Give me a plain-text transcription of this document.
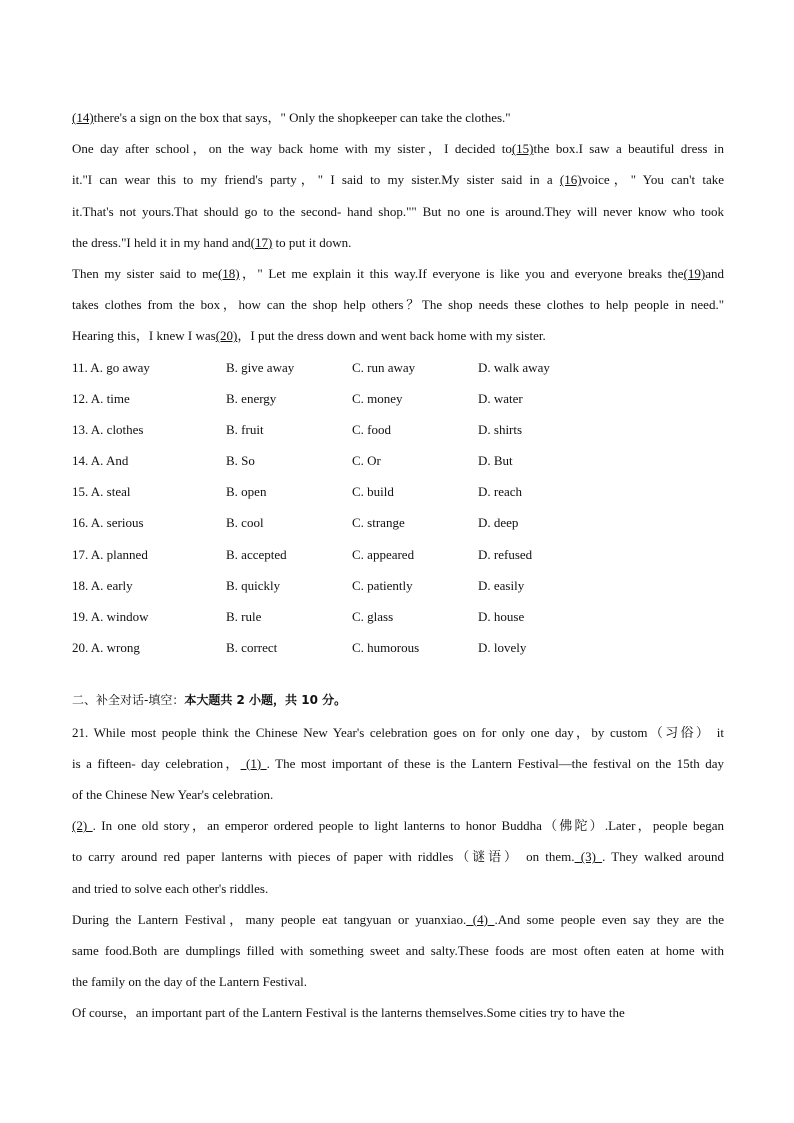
(14)there's a sign on the box that says，" Only the shopkeeper can take the clothes."
One day after school，on the way back home with my sister，I decided to(15)the box.I saw a beautiful dress in
it."I can wear this to my friend's party，" I said to my sister.My sister said in a (16)voice，" You can't take
it.That's not yours.That should go to the second- hand shop."" But no one is around.They will never know who took
the dress."I held it in my hand and(17) to put it down.
Then my sister said to me(18)，" Let me explain it this way.If everyone is like you and everyone breaks the(19)and
takes clothes from the box，how can the shop help others？The shop needs these clothes to help people in need."
Hearing this，I knew I was(20)，I put the dress down and went back home with my sister.
11. A. go away	B. give away	C. run away	D. walk away
12. A. time	B. energy	C. money	D. water
13. A. clothes	B. fruit	C. food	D. shirts
14. A. And	B. So	C. Or	D. But
15. A. steal	B. open	C. build	D. reach
16. A. serious	B. cool	C. strange	D. deep
17. A. planned	B. accepted	C. appeared	D. refused
18. A. early	B. quickly	C. patiently	D. easily
19. A. window	B. rule	C. glass	D. house
20. A. wrong	B. correct	C. humorous	D. lovely
二、补全对话-填空：本大题共 2 小题，共 10 分。
21. While most people think the Chinese New Year's celebration goes on for only one day，by custom（习俗） it
is a fifteen- day celebration， (1) . The most important of these is the Lantern Festival—the festival on the 15th day
of the Chinese New Year's celebration.
(2) . In one old story，an emperor ordered people to light lanterns to honor Buddha（佛陀）.Later，people began
to carry around red paper lanterns with pieces of paper with riddles（谜语） on them. (3) . They walked around
and tried to solve each other's riddles.
During the Lantern Festival，many people eat tangyuan or yuanxiao. (4) .And some people even say they are the
same food.Both are dumplings filled with something sweet and salty.These foods are most often eaten at home with
the family on the day of the Lantern Festival.
Of course，an important part of the Lantern Festival is the lanterns themselves.Some cities try to have the
